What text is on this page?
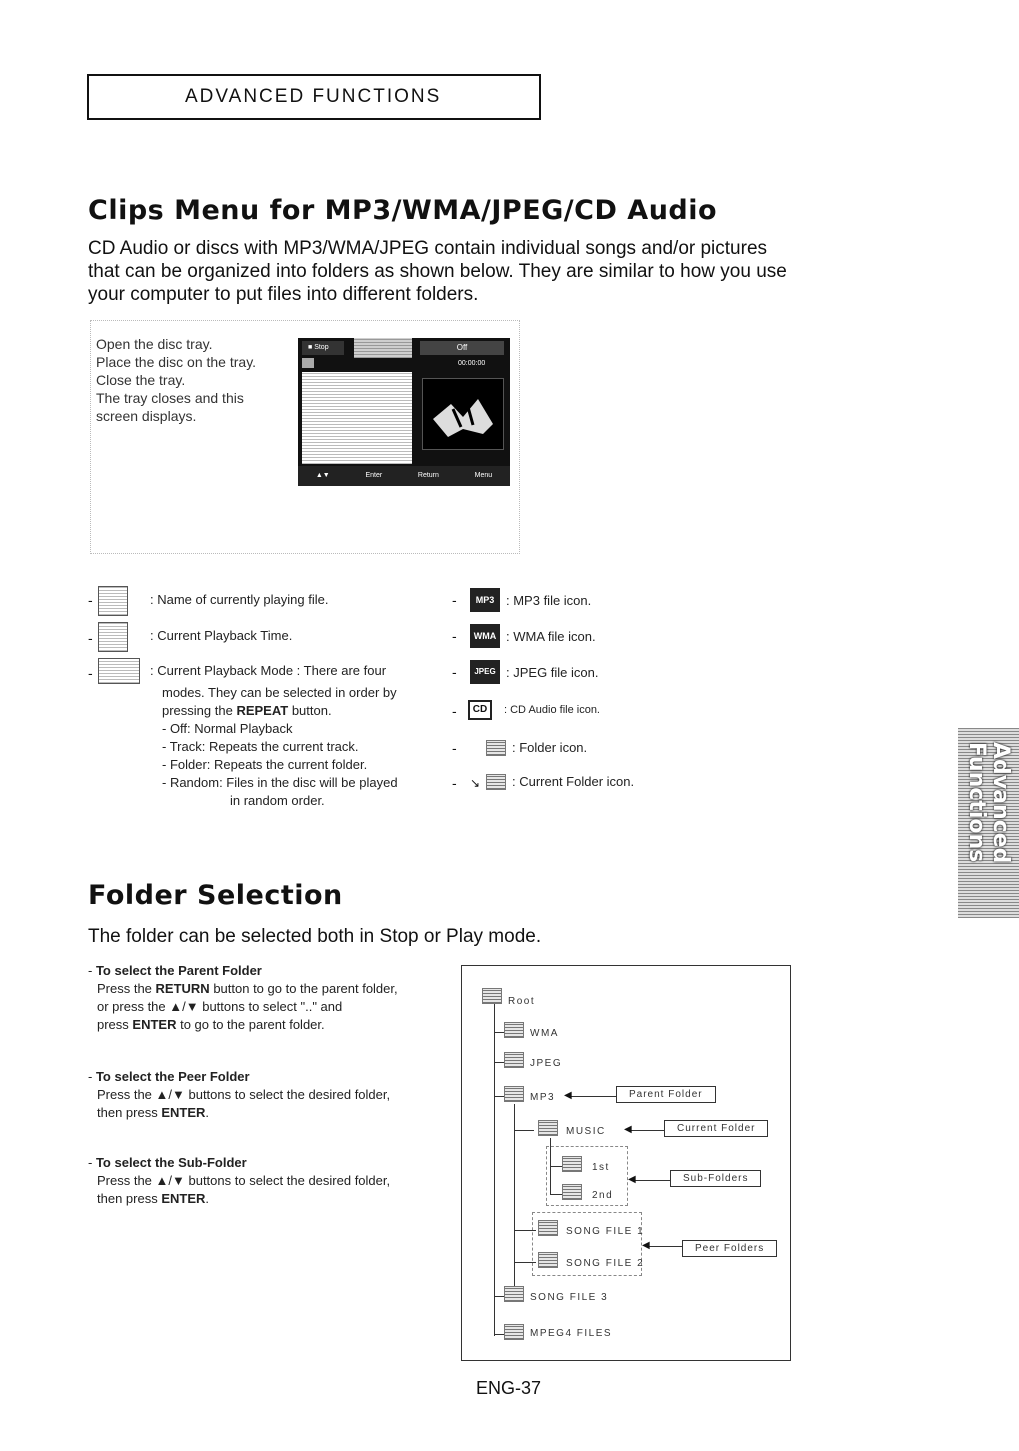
ADVANCED FUNCTIONS
Clips Menu for MP3/WMA/JPEG/CD Audio
CD Audio or discs with MP3/WMA/JPEG contain individual songs and/or pictures that can be organized into folders as shown below. They are similar to how you use your computer to put files into different folders.
Open the disc tray.
Place the disc on the tray.
Close the tray.
The tray closes and this
screen displays.
■ Stop	Off
00:00:00
▲▼	Enter	Return	Menu
-	: Name of currently playing file.
-	: Current Playback Time.
-	: Current Playback Mode : There are four
modes. They can be selected in order by
pressing the REPEAT button.
- Off: Normal Playback
- Track: Repeats the current track.
- Folder: Repeats the current folder.
- Random: Files in the disc will be played
in random order.
-	MP3 : MP3 file icon.
-	WMA : WMA file icon.
-	JPEG : JPEG file icon.
-	CD	: CD Audio file icon.
-	: Folder icon.
- ↘ : Current Folder icon.	Advanced
Functions
Folder Selection
The folder can be selected both in Stop or Play mode.
- To select the Parent Folder
Press the RETURN button to go to the parent folder,
or press the ▲/▼ buttons to select ".." and
press ENTER to go to the parent folder.
- To select the Peer Folder
Press the ▲/▼ buttons to select the desired folder,
then press ENTER.
- To select the Sub-Folder
Press the ▲/▼ buttons to select the desired folder,
then press ENTER.
Root
WMA
JPEG
MP3 ◀	Parent Folder
MUSIC ◀	Current Folder
1st
2nd
◀	Sub-Folders
SONG FILE 1
SONG FILE 2
◀	Peer Folders
SONG FILE 3
MPEG4 FILES
ENG-37
